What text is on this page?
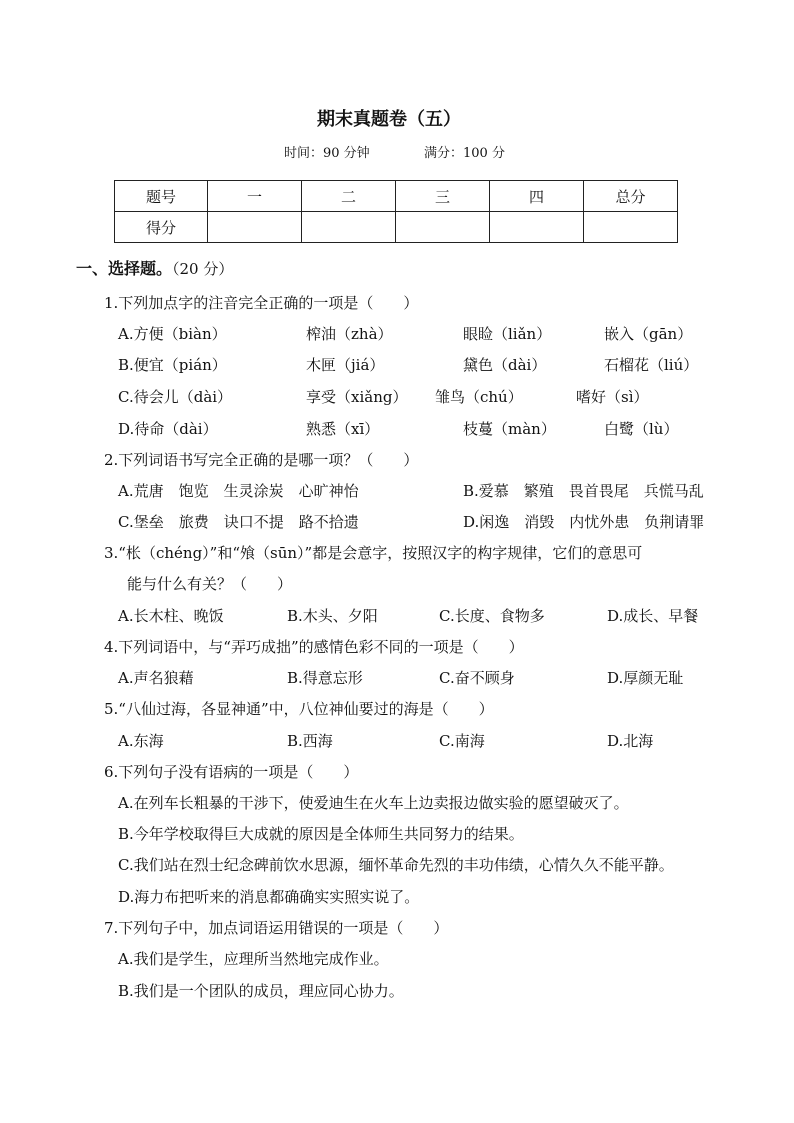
期末真题卷（五）
时间：90 分钟	满分：100 分
题号	一	二	三	四	总分
得分					
一、选择题。（20 分）
1.下列加点字的注音完全正确的一项是（　　）
A.方便（biàn）	榨油（zhà）	眼睑（liǎn）	嵌入（gān）
B.便宜（pián）	木匣（jiá）	黛色（dài）	石榴花（liú）
C.待会儿（dài）	享受（xiǎng） 雏鸟（chú）	嗜好（sì）
D.待命（dài）	熟悉（xī）	枝蔓（màn）	白鹭（lù）
2.下列词语书写完全正确的是哪一项？（　　）
A.荒唐　饱览　生灵涂炭　心旷神怡	B.爱慕　繁殖　畏首畏尾　兵慌马乱
C.堡垒　旅费　诀口不提　路不拾遗	D.闲逸　消毁　内忧外患　负荆请罪
3.“枨（chéng）”和“飧（sūn）”都是会意字，按照汉字的构字规律，它们的意思可
能与什么有关？（　　）
A.长木柱、晚饭	B.木头、夕阳	C.长度、食物多	D.成长、早餐
4.下列词语中，与“弄巧成拙”的感情色彩不同的一项是（　　）
A.声名狼藉	B.得意忘形	C.奋不顾身	D.厚颜无耻
5.“八仙过海，各显神通”中，八位神仙要过的海是（　　）
A.东海	B.西海	C.南海	D.北海
6.下列句子没有语病的一项是（　　）
A.在列车长粗暴的干涉下，使爱迪生在火车上边卖报边做实验的愿望破灭了。
B.今年学校取得巨大成就的原因是全体师生共同努力的结果。
C.我们站在烈士纪念碑前饮水思源，缅怀革命先烈的丰功伟绩，心情久久不能平静。
D.海力布把听来的消息都确确实实照实说了。
7.下列句子中，加点词语运用错误的一项是（　　）
A.我们是学生，应理所当然地完成作业。
B.我们是一个团队的成员，理应同心协力。
